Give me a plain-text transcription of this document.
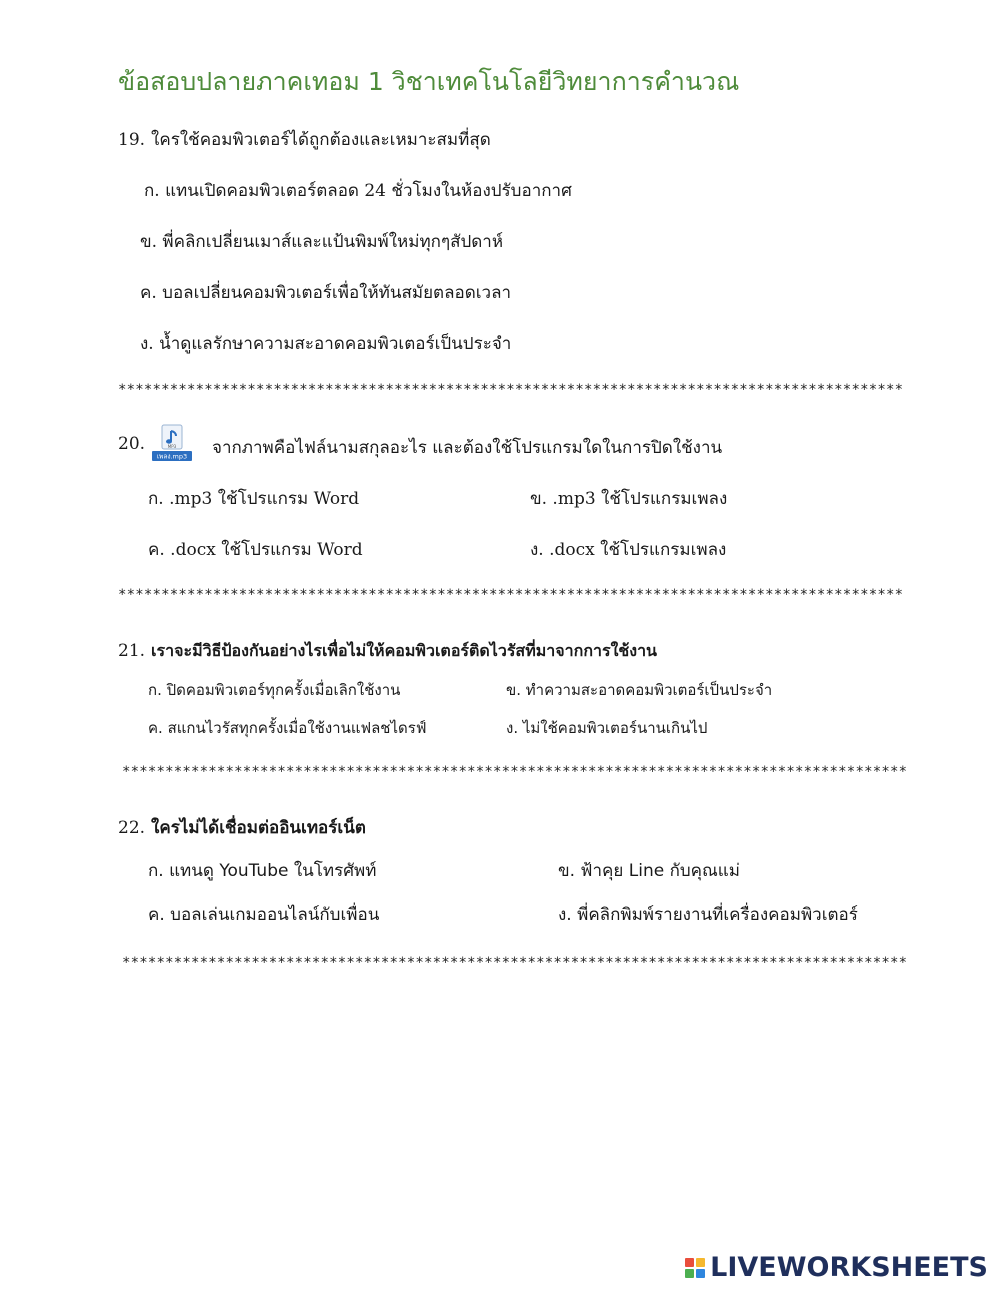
ข้อสอบปลายภาคเทอม 1 วิชาเทคโนโลยีวิทยาการคำนวณ
19. ใครใช้คอมพิวเตอร์ได้ถูกต้องและเหมาะสมที่สุด
ก. แทนเปิดคอมพิวเตอร์ตลอด 24 ชั่วโมงในห้องปรับอากาศ
ข. พี่คลิกเปลี่ยนเมาส์และแป้นพิมพ์ใหม่ทุกๆสัปดาห์
ค. บอลเปลี่ยนคอมพิวเตอร์เพื่อให้ทันสมัยตลอดเวลา
ง. น้ำดูแลรักษาความสะอาดคอมพิวเตอร์เป็นประจำ
*******************************************************************************************
20.	MP3
เพลง.mp3 จากภาพคือไฟล์นามสกุลอะไร และต้องใช้โปรแกรมใดในการปิดใช้งาน
ก. .mp3 ใช้โปรแกรม Word	ข. .mp3 ใช้โปรแกรมเพลง
ค. .docx ใช้โปรแกรม Word	ง. .docx ใช้โปรแกรมเพลง
*******************************************************************************************
21. เราจะมีวิธีป้องกันอย่างไรเพื่อไม่ให้คอมพิวเตอร์ติดไวรัสที่มาจากการใช้งาน
ก. ปิดคอมพิวเตอร์ทุกครั้งเมื่อเลิกใช้งาน	ข. ทำความสะอาดคอมพิวเตอร์เป็นประจำ
ค. สแกนไวรัสทุกครั้งเมื่อใช้งานแฟลชไดรฟ์	ง. ไม่ใช้คอมพิวเตอร์นานเกินไป
*******************************************************************************************
22. ใครไม่ได้เชื่อมต่ออินเทอร์เน็ต
ก. แทนดู YouTube ในโทรศัพท์	ข. ฟ้าคุย Line กับคุณแม่
ค. บอลเล่นเกมออนไลน์กับเพื่อน	ง. พี่คลิกพิมพ์รายงานที่เครื่องคอมพิวเตอร์
*******************************************************************************************
LIVEWORKSHEETS
